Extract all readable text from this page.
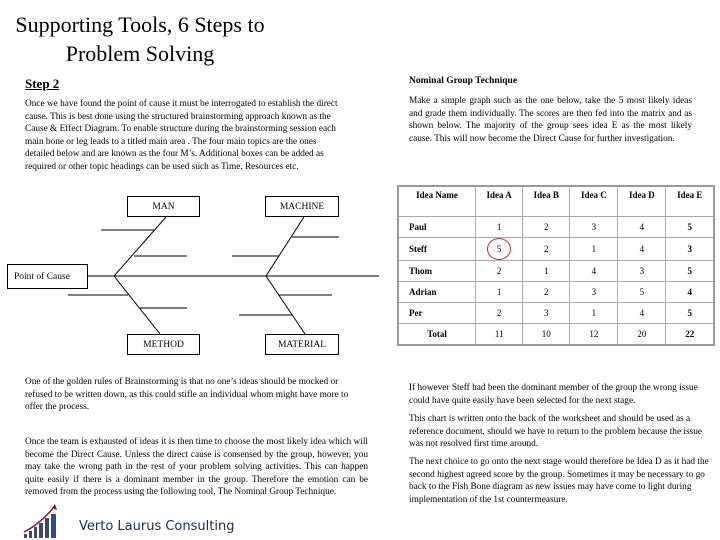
Supporting Tools, 6 Steps to
Problem Solving
Step 2
Once we have found the point of cause it must be interrogated to establish the direct cause. This is best done using the structured brainstorming approach known as the Cause & Effect Diagram. To enable structure during the brainstorming session each main bone or leg leads to a titled main area . The four main topics are the ones detailed below and are known as the four M’s. Additional boxes can be added as required or other topic headings can be used such as Time, Resources etc.
MAN	MACHINE
Point of Cause
METHOD	MATERIAL
One of the golden rules of Brainstorming is that no one’s ideas should be mocked or refused to be written down, as this could stifle an individual whom might have more to offer the process.
Once the team is exhausted of ideas it is then time to choose the most likely idea which will become the Direct Cause. Unless the direct cause is consensed by the group, however, you may take the wrong path in the rest of your problem solving activities. This can happen quite easily if there is a dominant member in the group. Therefore the emotion can be removed from the process using the following tool, The Nominal Group Technique.
Nominal Group Technique
Make a simple graph such as the one below, take the 5 most likely ideas and grade them individually. The scores are then fed into the matrix and as shown below. The majority of the group sees idea E as the most likely cause. This will now become the Direct Cause for further investigation.
Idea Name	Idea A	Idea B	Idea C	Idea D	Idea E
Paul	1	2	3	4	5
Steff	5	2	1	4	3
Thom	2	1	4	3	5
Adrian	1	2	3	5	4
Per	2	3	1	4	5
Total	11	10	12	20	22
If however Steff had been the dominant member of the group the wrong issue could have quite easily have been selected for the next stage.
This chart is written onto the back of the worksheet and should be used as a reference document, should we have to return to the problem because the issue was not resolved first time around.
The next choice to go onto the next stage would therefore be Idea D as it had the second highest agreed score by the group. Sometimes it may be necessary to go back to the Fish Bone diagram as new issues may have come to light during implementation of the 1st countermeasure.
Verto Laurus Consulting
